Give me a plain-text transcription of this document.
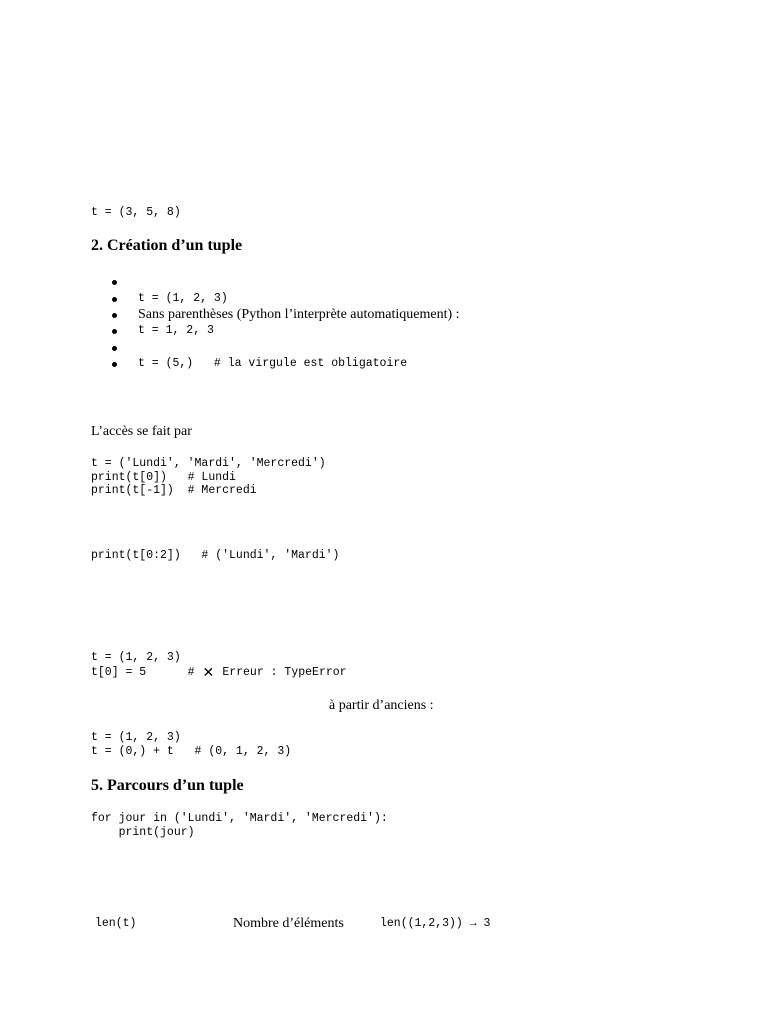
t = (3, 5, 8)
2. Création d’un tuple
t = (1, 2, 3)
Sans parenthèses (Python l’interprète automatiquement) :
t = 1, 2, 3
t = (5,)   # la virgule est obligatoire
L’accès se fait par
t = ('Lundi', 'Mardi', 'Mercredi')
print(t[0])   # Lundi
print(t[-1])  # Mercredi
print(t[0:2])   # ('Lundi', 'Mardi')
t = (1, 2, 3)
t[0] = 5      # ✕ Erreur : TypeError
à partir d’anciens :
t = (1, 2, 3)
t = (0,) + t   # (0, 1, 2, 3)
5. Parcours d’un tuple
for jour in ('Lundi', 'Mardi', 'Mercredi'):
print(jour)
len(t)	Nombre d’éléments	len((1,2,3)) → 3
